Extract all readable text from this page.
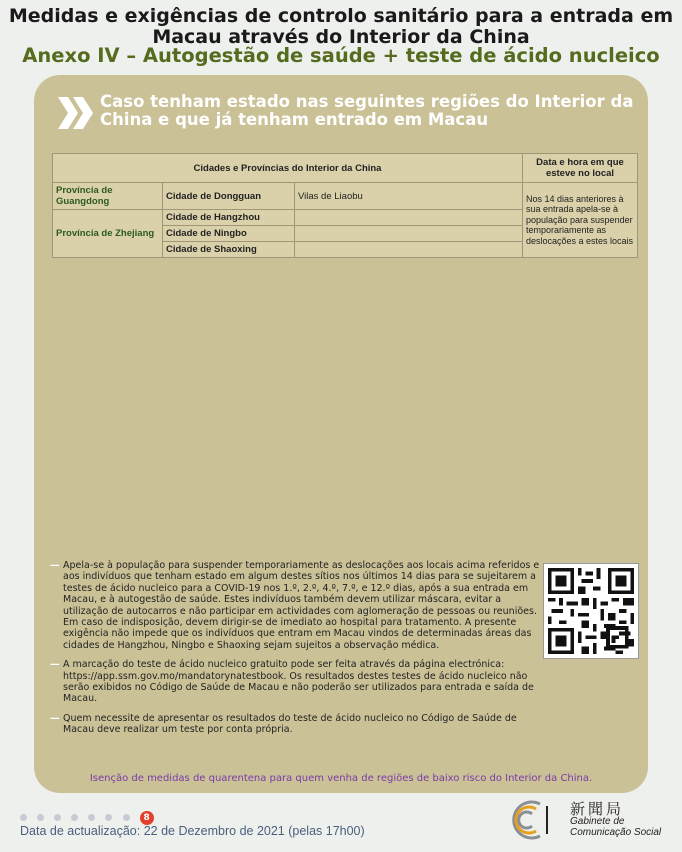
Medidas e exigências de controlo sanitário para a entrada em Macau através do Interior da China
Anexo IV – Autogestão de saúde + teste de ácido nucleico
Caso tenham estado nas seguintes regiões do Interior da China e que já tenham entrado em Macau
Cidades e Províncias do Interior da China			Data e hora em que esteve no local
Província de Guangdong	Cidade de Dongguan	Vilas de Liaobu	Nos 14 dias anteriores à sua entrada apela-se à população para suspender temporariamente as deslocações a estes locais
Província de Zhejiang	Cidade de Hangzhou		
	Cidade de Ningbo		
	Cidade de Shaoxing		
— Apela-se à população para suspender temporariamente as deslocações aos locais acima referidos e aos indivíduos que tenham estado em algum destes sítios nos últimos 14 dias para se sujeitarem a testes de ácido nucleico para a COVID-19 nos 1.º, 2.º, 4.º, 7.º, e 12.º dias, após a sua entrada em Macau, e à autogestão de saúde. Estes indivíduos também devem utilizar máscara, evitar a utilização de autocarros e não participar em actividades com aglomeração de pessoas ou reuniões. Em caso de indisposição, devem dirigir-se de imediato ao hospital para tratamento. A presente exigência não impede que os indivíduos que entram em Macau vindos de determinadas áreas das cidades de Hangzhou, Ningbo e Shaoxing sejam sujeitos a observação médica.
— A marcação do teste de ácido nucleico gratuito pode ser feita através da página electrónica: https://app.ssm.gov.mo/mandatorynatestbook. Os resultados destes testes de ácido nucleico não serão exibidos no Código de Saúde de Macau e não poderão ser utilizados para entrada e saída de Macau.
— Quem necessite de apresentar os resultados do teste de ácido nucleico no Código de Saúde de Macau deve realizar um teste por conta própria.
Isenção de medidas de quarentena para quem venha de regiões de baixo risco do Interior da China.
8
Data de actualização: 22 de Dezembro de 2021 (pelas 17h00)
新聞局
Gabinete de
Comunicação Social
